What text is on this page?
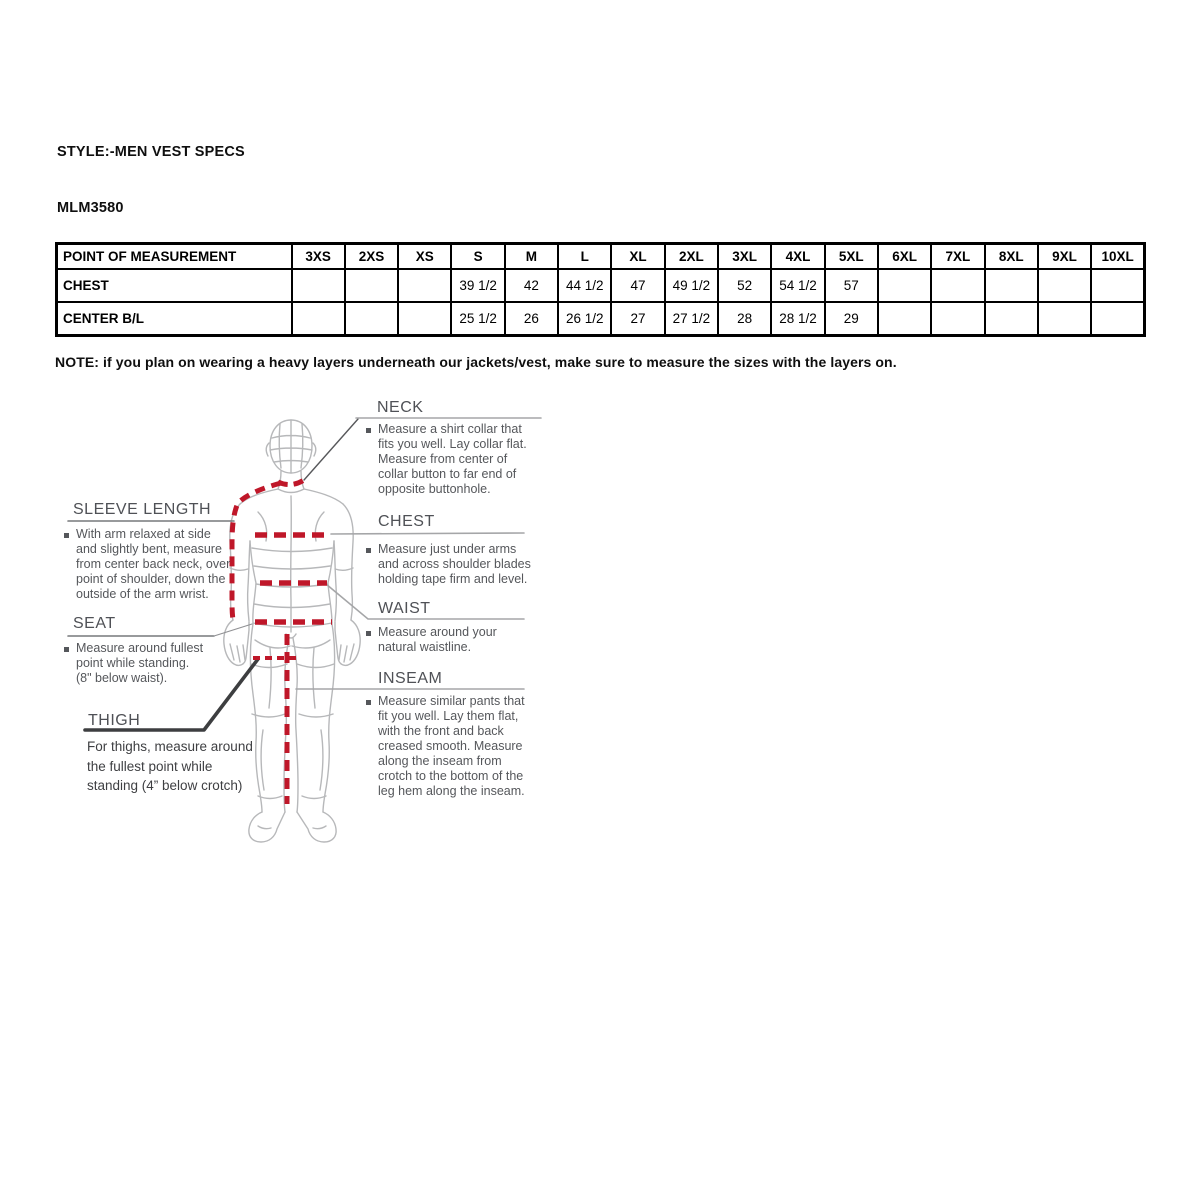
STYLE:-MEN VEST SPECS
MLM3580
POINT OF MEASUREMENT	3XS	2XS	XS	S	M	L	XL	2XL	3XL	4XL	5XL	6XL	7XL	8XL	9XL	10XL
CHEST				39 1/2	42	44 1/2	47	49 1/2	52	54 1/2	57					
CENTER B/L				25 1/2	26	26 1/2	27	27 1/2	28	28 1/2	29					
NOTE: if you plan on wearing a heavy layers underneath our jackets/vest, make sure to measure the sizes with the layers on.
NECK
Measure a shirt collar that
fits you well. Lay collar flat.
Measure from center of
collar button to far end of
opposite buttonhole.
CHEST
Measure just under arms
and across shoulder blades
holding tape firm and level.
WAIST
Measure around your
natural waistline.
INSEAM
Measure similar pants that
fit you well. Lay them flat,
with the front and back
creased smooth. Measure
along the inseam from
crotch to the bottom of the
leg hem along the inseam.
SLEEVE LENGTH
With arm relaxed at side
and slightly bent, measure
from center back neck, over
point of shoulder, down the
outside of the arm wrist.
SEAT
Measure around fullest
point while standing.
(8" below waist).
THIGH
For thighs, measure around
the fullest point while
standing (4” below crotch)
